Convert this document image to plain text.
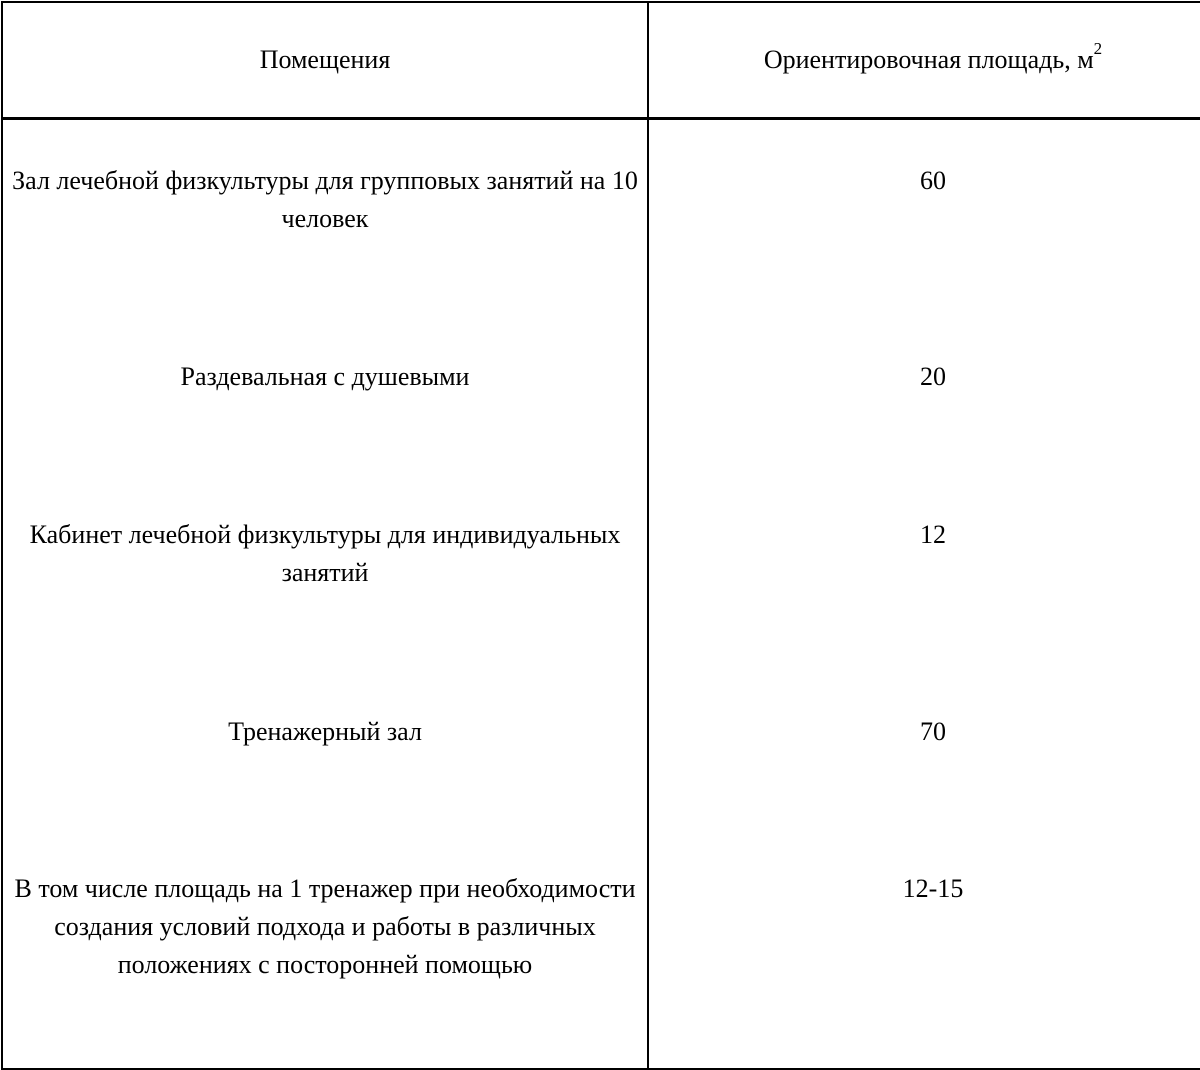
Помещения	Ориентировочная площадь, $м^2$
Зал лечебной физкультуры для групповых занятий на 10 человек	60
Раздевальная с душевыми	20
Кабинет лечебной физкультуры для индивидуальных занятий	12
Тренажерный зал	70
В том числе площадь на 1 тренажер при необходимости создания условий подхода и работы в различных положениях с посторонней помощью	12-15
